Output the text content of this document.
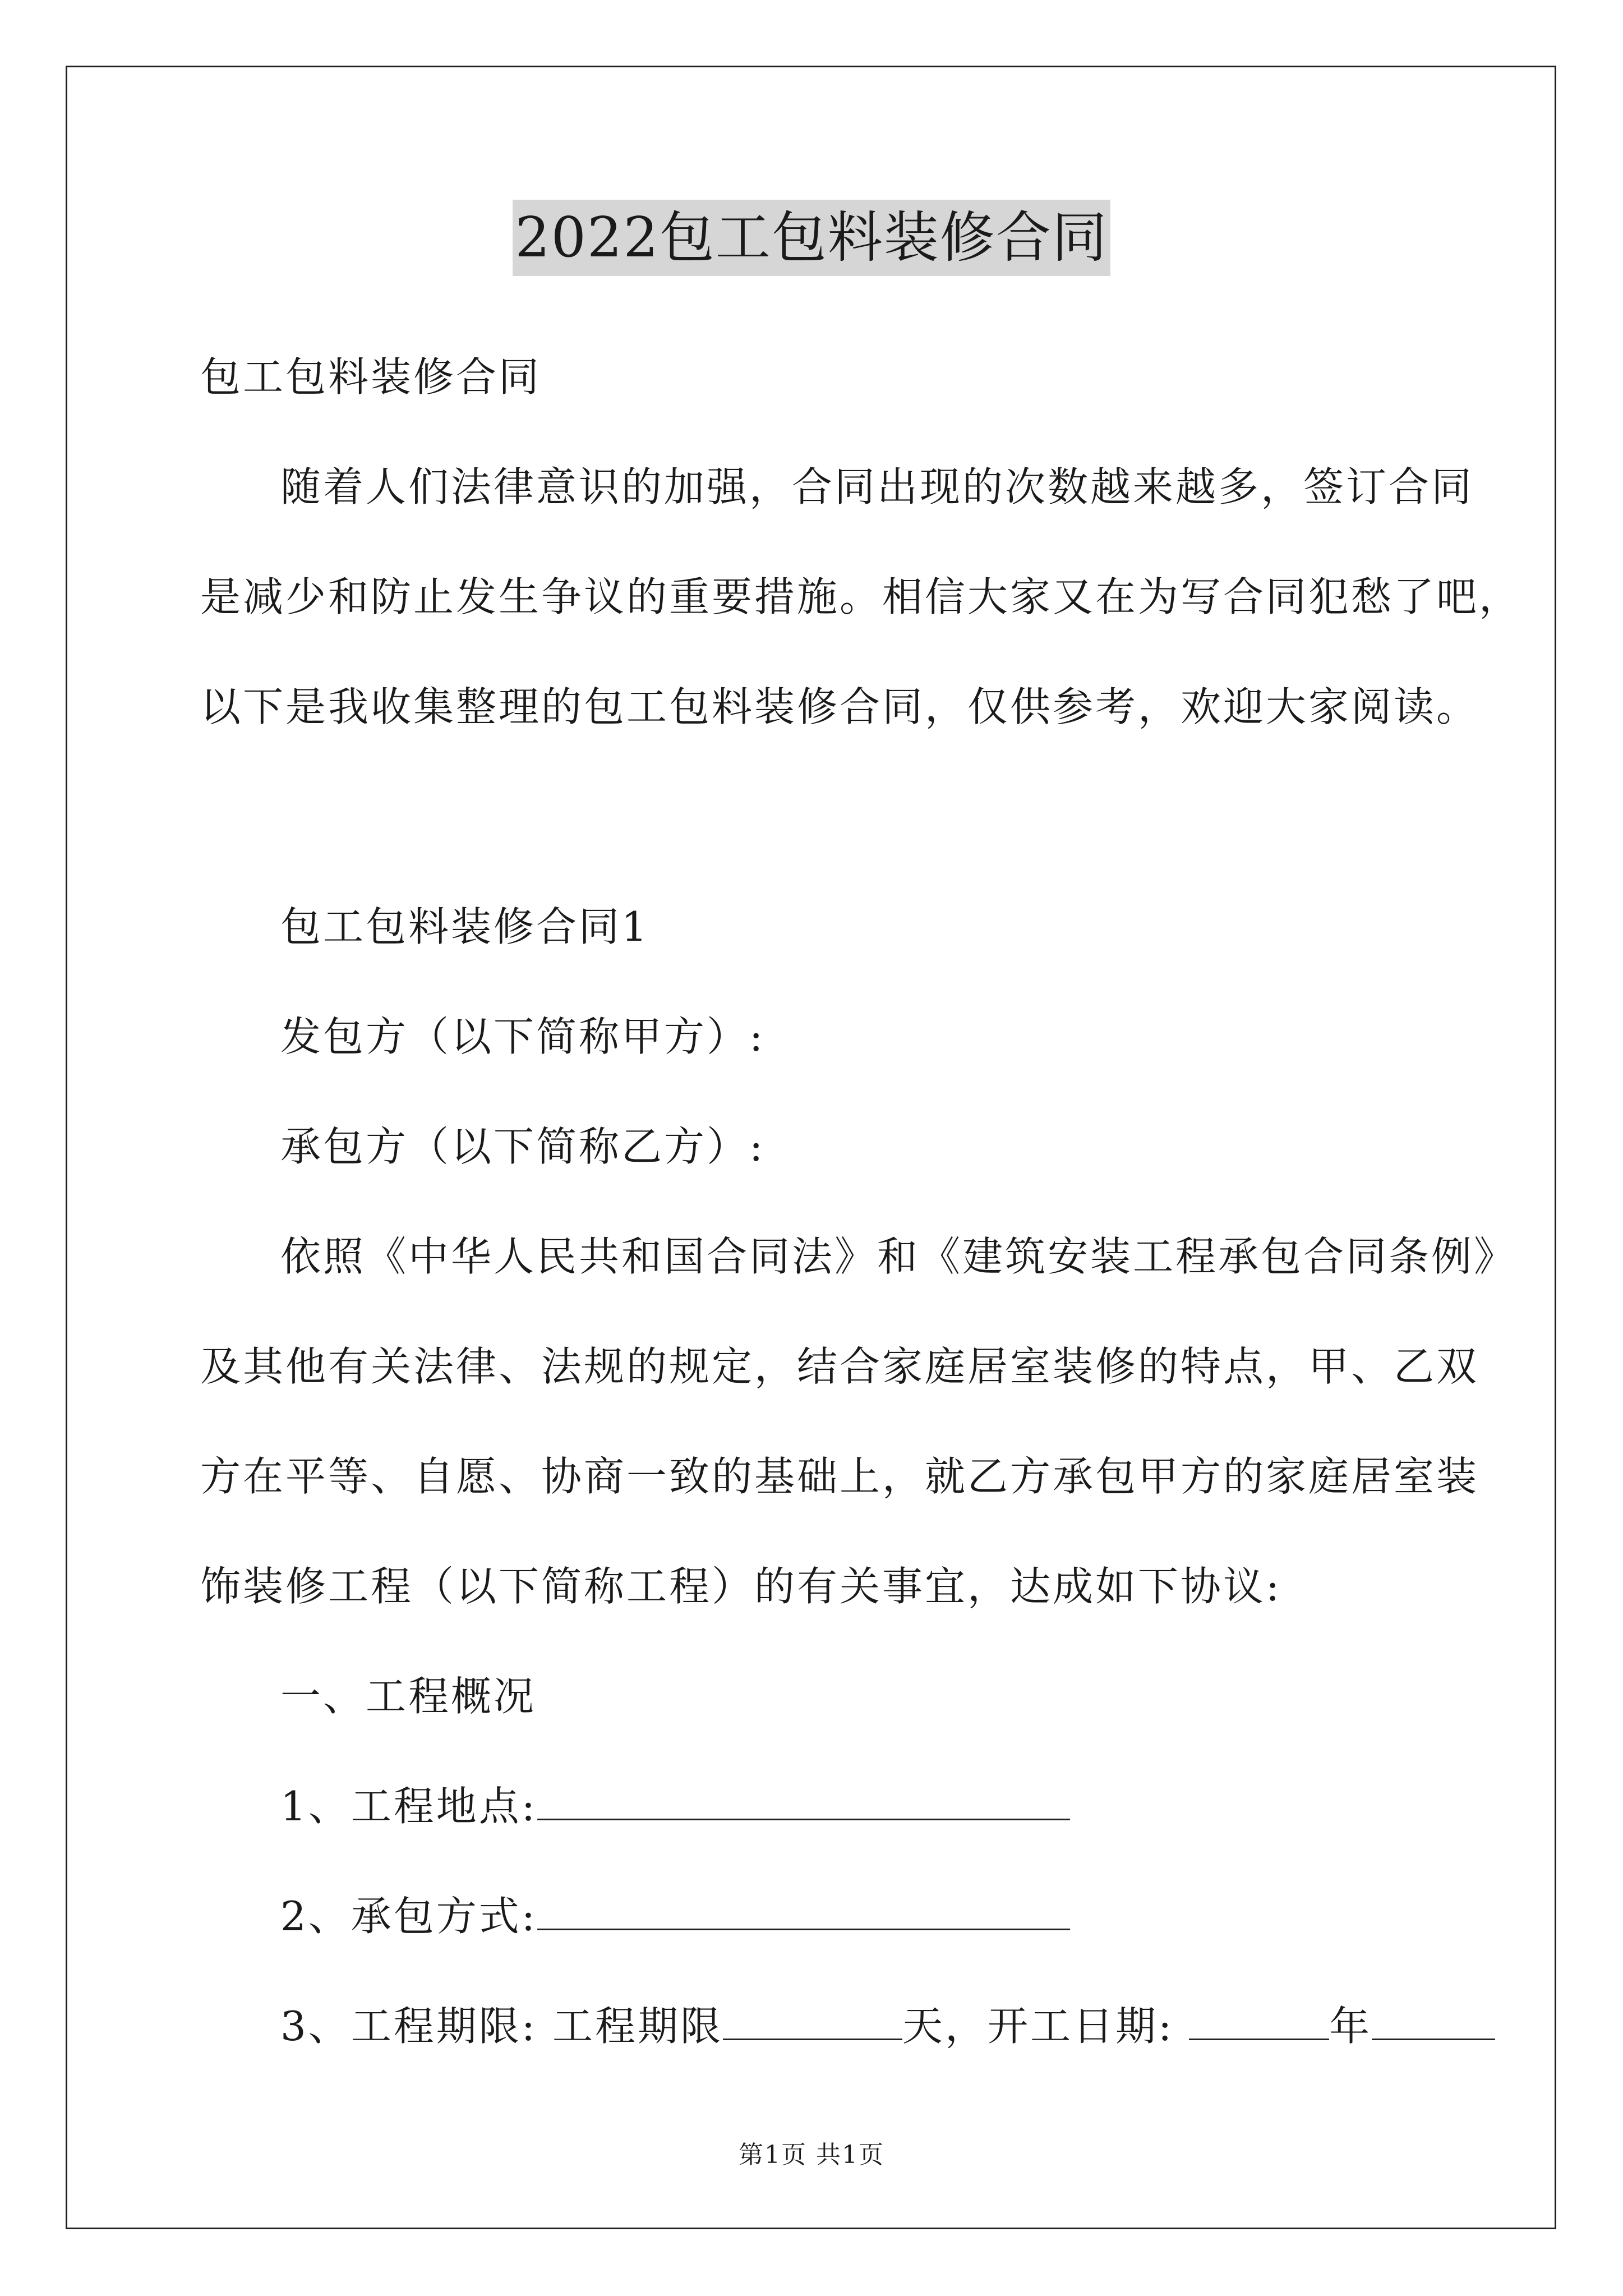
2022包工包料装修合同
包工包料装修合同
随着人们法律意识的加强，合同出现的次数越来越多，签订合同
是减少和防止发生争议的重要措施。相信大家又在为写合同犯愁了吧，
以下是我收集整理的包工包料装修合同，仅供参考，欢迎大家阅读。
包工包料装修合同1
发包方（以下简称甲方）:
承包方（以下简称乙方）:
依照《中华人民共和国合同法》和《建筑安装工程承包合同条例》
及其他有关法律、法规的规定，结合家庭居室装修的特点，甲、乙双
方在平等、自愿、协商一致的基础上，就乙方承包甲方的家庭居室装
饰装修工程（以下简称工程）的有关事宜，达成如下协议:
一、工程概况
1、工程地点:
2、承包方式:
3、工程期限: 工程期限	天，开工日期:	年
第1页 共1页
